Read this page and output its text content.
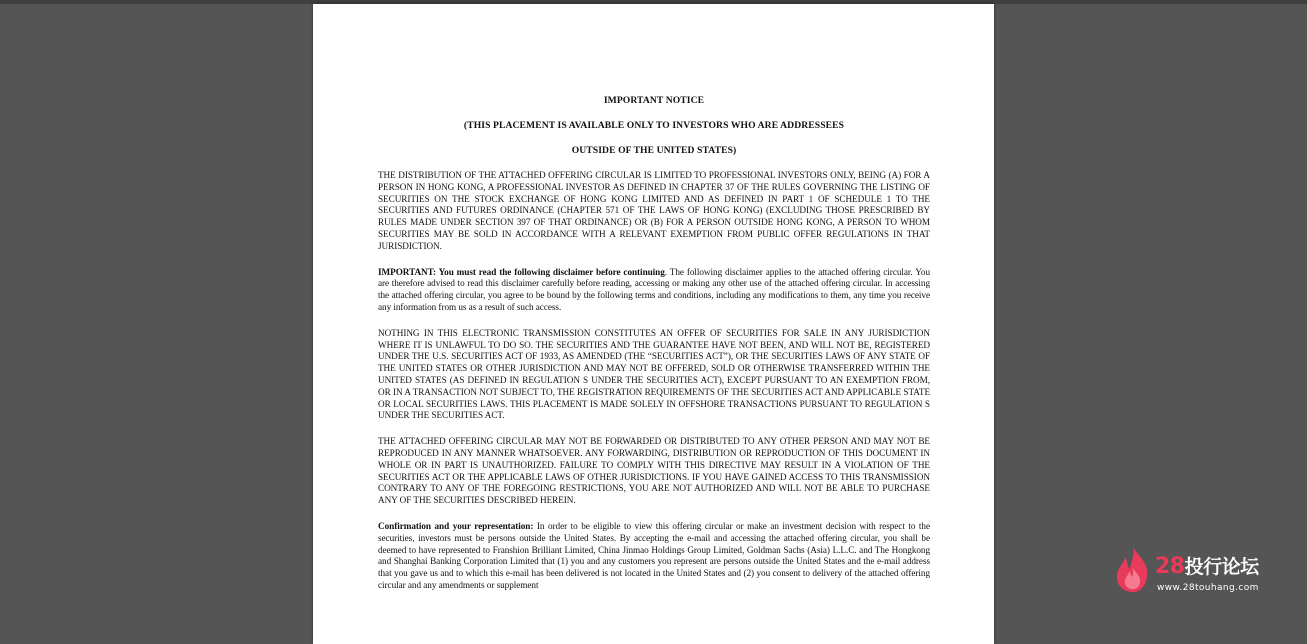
IMPORTANT NOTICE
(THIS PLACEMENT IS AVAILABLE ONLY TO INVESTORS WHO ARE ADDRESSEES
OUTSIDE OF THE UNITED STATES)
THE DISTRIBUTION OF THE ATTACHED OFFERING CIRCULAR IS LIMITED TO PROFESSIONAL INVESTORS ONLY, BEING (A) FOR A PERSON IN HONG KONG, A PROFESSIONAL INVESTOR AS DEFINED IN CHAPTER 37 OF THE RULES GOVERNING THE LISTING OF SECURITIES ON THE STOCK EXCHANGE OF HONG KONG LIMITED AND AS DEFINED IN PART 1 OF SCHEDULE 1 TO THE SECURITIES AND FUTURES ORDINANCE (CHAPTER 571 OF THE LAWS OF HONG KONG) (EXCLUDING THOSE PRESCRIBED BY RULES MADE UNDER SECTION 397 OF THAT ORDINANCE) OR (B) FOR A PERSON OUTSIDE HONG KONG, A PERSON TO WHOM SECURITIES MAY BE SOLD IN ACCORDANCE WITH A RELEVANT EXEMPTION FROM PUBLIC OFFER REGULATIONS IN THAT JURISDICTION.
IMPORTANT: You must read the following disclaimer before continuing. The following disclaimer applies to the attached offering circular. You are therefore advised to read this disclaimer carefully before reading, accessing or making any other use of the attached offering circular. In accessing the attached offering circular, you agree to be bound by the following terms and conditions, including any modifications to them, any time you receive any information from us as a result of such access.
NOTHING IN THIS ELECTRONIC TRANSMISSION CONSTITUTES AN OFFER OF SECURITIES FOR SALE IN ANY JURISDICTION WHERE IT IS UNLAWFUL TO DO SO. THE SECURITIES AND THE GUARANTEE HAVE NOT BEEN, AND WILL NOT BE, REGISTERED UNDER THE U.S. SECURITIES ACT OF 1933, AS AMENDED (THE “SECURITIES ACT”), OR THE SECURITIES LAWS OF ANY STATE OF THE UNITED STATES OR OTHER JURISDICTION AND MAY NOT BE OFFERED, SOLD OR OTHERWISE TRANSFERRED WITHIN THE UNITED STATES (AS DEFINED IN REGULATION S UNDER THE SECURITIES ACT), EXCEPT PURSUANT TO AN EXEMPTION FROM, OR IN A TRANSACTION NOT SUBJECT TO, THE REGISTRATION REQUIREMENTS OF THE SECURITIES ACT AND APPLICABLE STATE OR LOCAL SECURITIES LAWS. THIS PLACEMENT IS MADE SOLELY IN OFFSHORE TRANSACTIONS PURSUANT TO REGULATION S UNDER THE SECURITIES ACT.
THE ATTACHED OFFERING CIRCULAR MAY NOT BE FORWARDED OR DISTRIBUTED TO ANY OTHER PERSON AND MAY NOT BE REPRODUCED IN ANY MANNER WHATSOEVER. ANY FORWARDING, DISTRIBUTION OR REPRODUCTION OF THIS DOCUMENT IN WHOLE OR IN PART IS UNAUTHORIZED. FAILURE TO COMPLY WITH THIS DIRECTIVE MAY RESULT IN A VIOLATION OF THE SECURITIES ACT OR THE APPLICABLE LAWS OF OTHER JURISDICTIONS. IF YOU HAVE GAINED ACCESS TO THIS TRANSMISSION CONTRARY TO ANY OF THE FOREGOING RESTRICTIONS, YOU ARE NOT AUTHORIZED AND WILL NOT BE ABLE TO PURCHASE ANY OF THE SECURITIES DESCRIBED HEREIN.
Confirmation and your representation: In order to be eligible to view this offering circular or make an investment decision with respect to the securities, investors must be persons outside the United States. By accepting the e-mail and accessing the attached offering circular, you shall be deemed to have represented to Franshion Brilliant Limited, China Jinmao Holdings Group Limited, Goldman Sachs (Asia) L.L.C. and The Hongkong and Shanghai Banking Corporation Limited that (1) you and any customers you represent are persons outside the United States and the e-mail address that you gave us and to which this e-mail has been delivered is not located in the United States and (2) you consent to delivery of the attached offering circular and any amendments or supplement
28投行论坛
www.28touhang.com
